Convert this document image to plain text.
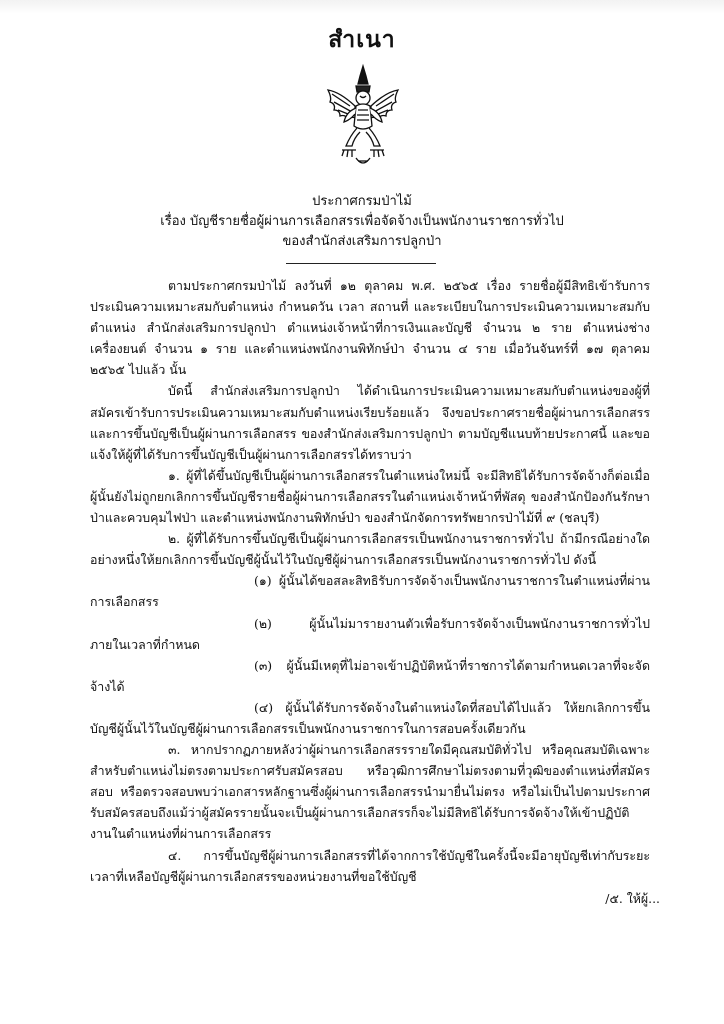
สำเนา
ประกาศกรมป่าไม้
เรื่อง บัญชีรายชื่อผู้ผ่านการเลือกสรรเพื่อจัดจ้างเป็นพนักงานราชการทั่วไป
ของสำนักส่งเสริมการปลูกป่า

ตามประกาศกรมป่าไม้ ลงวันที่ ๑๒ ตุลาคม พ.ศ. ๒๕๖๕ เรื่อง รายชื่อผู้มีสิทธิเข้ารับการประเมินความเหมาะสมกับตำแหน่ง กำหนดวัน เวลา สถานที่ และระเบียบในการประเมินความเหมาะสมกับตำแหน่ง สำนักส่งเสริมการปลูกป่า ตำแหน่งเจ้าหน้าที่การเงินและบัญชี จำนวน ๒ ราย ตำแหน่งช่างเครื่องยนต์ จำนวน ๑ ราย และตำแหน่งพนักงานพิทักษ์ป่า จำนวน ๔ ราย เมื่อวันจันทร์ที่ ๑๗ ตุลาคม ๒๕๖๕ ไปแล้ว นั้น

บัดนี้ สำนักส่งเสริมการปลูกป่า ได้ดำเนินการประเมินความเหมาะสมกับตำแหน่งของผู้ที่สมัครเข้ารับการประเมินความเหมาะสมกับตำแหน่งเรียบร้อยแล้ว จึงขอประกาศรายชื่อผู้ผ่านการเลือกสรรและการขึ้นบัญชีเป็นผู้ผ่านการเลือกสรร ของสำนักส่งเสริมการปลูกป่า ตามบัญชีแนบท้ายประกาศนี้ และขอแจ้งให้ผู้ที่ได้รับการขึ้นบัญชีเป็นผู้ผ่านการเลือกสรรได้ทราบว่า

๑. ผู้ที่ได้ขึ้นบัญชีเป็นผู้ผ่านการเลือกสรรในตำแหน่งใหม่นี้ จะมีสิทธิได้รับการจัดจ้างก็ต่อเมื่อผู้นั้นยังไม่ถูกยกเลิกการขึ้นบัญชีรายชื่อผู้ผ่านการเลือกสรรในตำแหน่งเจ้าหน้าที่พัสดุ ของสำนักป้องกันรักษาป่าและควบคุมไฟป่า และตำแหน่งพนักงานพิทักษ์ป่า ของสำนักจัดการทรัพยากรป่าไม้ที่ ๙ (ชลบุรี)

๒. ผู้ที่ได้รับการขึ้นบัญชีเป็นผู้ผ่านการเลือกสรรเป็นพนักงานราชการทั่วไป ถ้ามีกรณีอย่างใดอย่างหนึ่งให้ยกเลิกการขึ้นบัญชีผู้นั้นไว้ในบัญชีผู้ผ่านการเลือกสรรเป็นพนักงานราชการทั่วไป ดังนี้

(๑) ผู้นั้นได้ขอสละสิทธิรับการจัดจ้างเป็นพนักงานราชการในตำแหน่งที่ผ่านการเลือกสรร

(๒) ผู้นั้นไม่มารายงานตัวเพื่อรับการจัดจ้างเป็นพนักงานราชการทั่วไป ภายในเวลาที่กำหนด

(๓) ผู้นั้นมีเหตุที่ไม่อาจเข้าปฏิบัติหน้าที่ราชการได้ตามกำหนดเวลาที่จะจัดจ้างได้

(๔) ผู้นั้นได้รับการจัดจ้างในตำแหน่งใดที่สอบได้ไปแล้ว ให้ยกเลิกการขึ้นบัญชีผู้นั้นไว้ในบัญชีผู้ผ่านการเลือกสรรเป็นพนักงานราชการในการสอบครั้งเดียวกัน

๓. หากปรากฏภายหลังว่าผู้ผ่านการเลือกสรรรายใดมีคุณสมบัติทั่วไป หรือคุณสมบัติเฉพาะสำหรับตำแหน่งไม่ตรงตามประกาศรับสมัครสอบ หรือวุฒิการศึกษาไม่ตรงตามที่วุฒิของตำแหน่งที่สมัครสอบ หรือตรวจสอบพบว่าเอกสารหลักฐานซึ่งผู้ผ่านการเลือกสรรนำมายื่นไม่ตรง หรือไม่เป็นไปตามประกาศรับสมัครสอบถึงแม้ว่าผู้สมัครรายนั้นจะเป็นผู้ผ่านการเลือกสรรก็จะไม่มีสิทธิได้รับการจัดจ้างให้เข้าปฏิบัติงานในตำแหน่งที่ผ่านการเลือกสรร

๔. การขึ้นบัญชีผู้ผ่านการเลือกสรรที่ได้จากการใช้บัญชีในครั้งนี้จะมีอายุบัญชีเท่ากับระยะเวลาที่เหลือบัญชีผู้ผ่านการเลือกสรรของหน่วยงานที่ขอใช้บัญชี

/๕. ให้ผู้...
